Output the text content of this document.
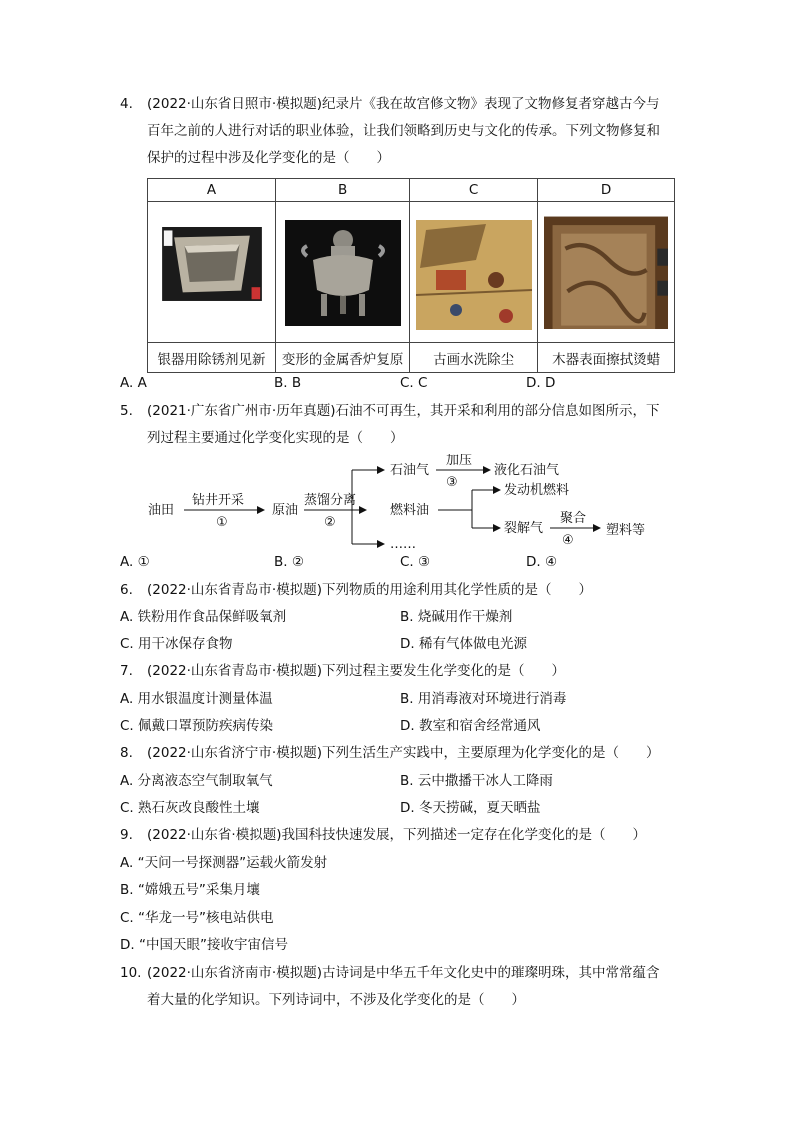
4. (2022·山东省日照市·模拟题)纪录片《我在故宫修文物》表现了文物修复者穿越古今与
百年之前的人进行对话的职业体验，让我们领略到历史与文化的传承。下列文物修复和
保护的过程中涉及化学变化的是（　　）
A	B	C	D

银器用除锈剂见新	变形的金属香炉复原	古画水洗除尘	木器表面擦拭烫蜡
A. A	B. B	C. C	D. D
5. (2021·广东省广州市·历年真题)石油不可再生，其开采和利用的部分信息如图所示，下
列过程主要通过化学变化实现的是（　　）
油田
钻井开采
①
原油
蒸馏分离
②
石油气
加压
③
液化石油气
燃料油
发动机燃料
裂解气
聚合
④
塑料等
……
A. ①	B. ②	C. ③	D. ④
6. (2022·山东省青岛市·模拟题)下列物质的用途利用其化学性质的是（　　）
A. 铁粉用作食品保鲜吸氧剂	B. 烧碱用作干燥剂
C. 用干冰保存食物	D. 稀有气体做电光源
7. (2022·山东省青岛市·模拟题)下列过程主要发生化学变化的是（　　）
A. 用水银温度计测量体温	B. 用消毒液对环境进行消毒
C. 佩戴口罩预防疾病传染	D. 教室和宿舍经常通风
8. (2022·山东省济宁市·模拟题)下列生活生产实践中，主要原理为化学变化的是（　　）
A. 分离液态空气制取氧气	B. 云中撒播干冰人工降雨
C. 熟石灰改良酸性土壤	D. 冬天捞碱，夏天晒盐
9. (2022·山东省·模拟题)我国科技快速发展，下列描述一定存在化学变化的是（　　）
A. “天问一号探测器”运载火箭发射
B. “嫦娥五号”采集月壤
C. “华龙一号”核电站供电
D. “中国天眼”接收宇宙信号
10. (2022·山东省济南市·模拟题)古诗词是中华五千年文化史中的璀璨明珠，其中常常蕴含
着大量的化学知识。下列诗词中，不涉及化学变化的是（　　）
